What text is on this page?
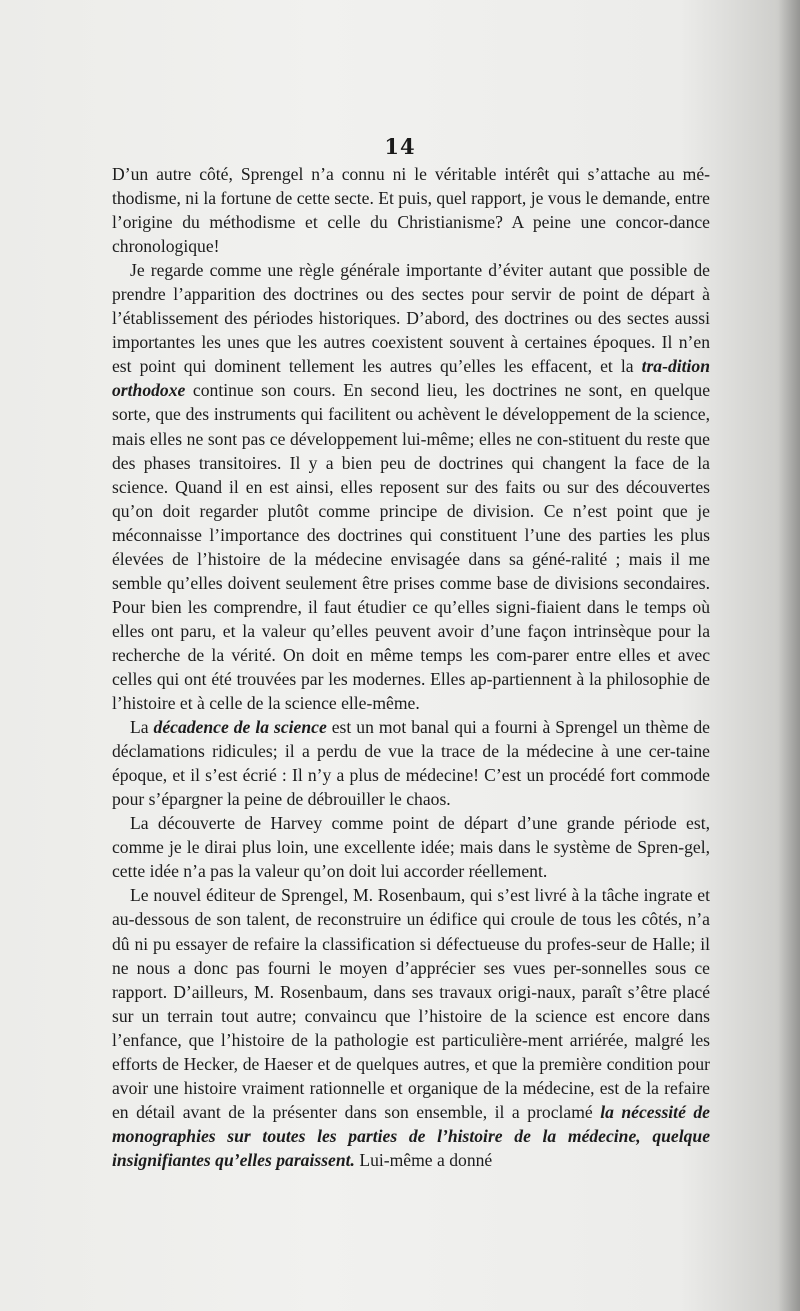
14

D’un autre côté, Sprengel n’a connu ni le véritable intérêt qui s’attache au mé-thodisme, ni la fortune de cette secte. Et puis, quel rapport, je vous le demande, entre l’origine du méthodisme et celle du Christianisme? A peine une concor-dance chronologique!

Je regarde comme une règle générale importante d’éviter autant que possible de prendre l’apparition des doctrines ou des sectes pour servir de point de départ à l’établissement des périodes historiques. D’abord, des doctrines ou des sectes aussi importantes les unes que les autres coexistent souvent à certaines époques. Il n’en est point qui dominent tellement les autres qu’elles les effacent, et la tra-dition orthodoxe continue son cours. En second lieu, les doctrines ne sont, en quelque sorte, que des instruments qui facilitent ou achèvent le développement de la science, mais elles ne sont pas ce développement lui-même; elles ne con-stituent du reste que des phases transitoires. Il y a bien peu de doctrines qui changent la face de la science. Quand il en est ainsi, elles reposent sur des faits ou sur des découvertes qu’on doit regarder plutôt comme principe de division. Ce n’est point que je méconnaisse l’importance des doctrines qui constituent l’une des parties les plus élevées de l’histoire de la médecine envisagée dans sa géné-ralité ; mais il me semble qu’elles doivent seulement être prises comme base de divisions secondaires. Pour bien les comprendre, il faut étudier ce qu’elles signi-fiaient dans le temps où elles ont paru, et la valeur qu’elles peuvent avoir d’une façon intrinsèque pour la recherche de la vérité. On doit en même temps les com-parer entre elles et avec celles qui ont été trouvées par les modernes. Elles ap-partiennent à la philosophie de l’histoire et à celle de la science elle-même.

La décadence de la science est un mot banal qui a fourni à Sprengel un thème de déclamations ridicules; il a perdu de vue la trace de la médecine à une cer-taine époque, et il s’est écrié : Il n’y a plus de médecine! C’est un procédé fort commode pour s’épargner la peine de débrouiller le chaos.

La découverte de Harvey comme point de départ d’une grande période est, comme je le dirai plus loin, une excellente idée; mais dans le système de Spren-gel, cette idée n’a pas la valeur qu’on doit lui accorder réellement.

Le nouvel éditeur de Sprengel, M. Rosenbaum, qui s’est livré à la tâche ingrate et au-dessous de son talent, de reconstruire un édifice qui croule de tous les côtés, n’a dû ni pu essayer de refaire la classification si défectueuse du profes-seur de Halle; il ne nous a donc pas fourni le moyen d’apprécier ses vues per-sonnelles sous ce rapport. D’ailleurs, M. Rosenbaum, dans ses travaux origi-naux, paraît s’être placé sur un terrain tout autre; convaincu que l’histoire de la science est encore dans l’enfance, que l’histoire de la pathologie est particulière-ment arriérée, malgré les efforts de Hecker, de Haeser et de quelques autres, et que la première condition pour avoir une histoire vraiment rationnelle et organique de la médecine, est de la refaire en détail avant de la présenter dans son ensemble, il a proclamé la nécessité de monographies sur toutes les parties de l’histoire de la médecine, quelque insignifiantes qu’elles paraissent. Lui-même a donné
